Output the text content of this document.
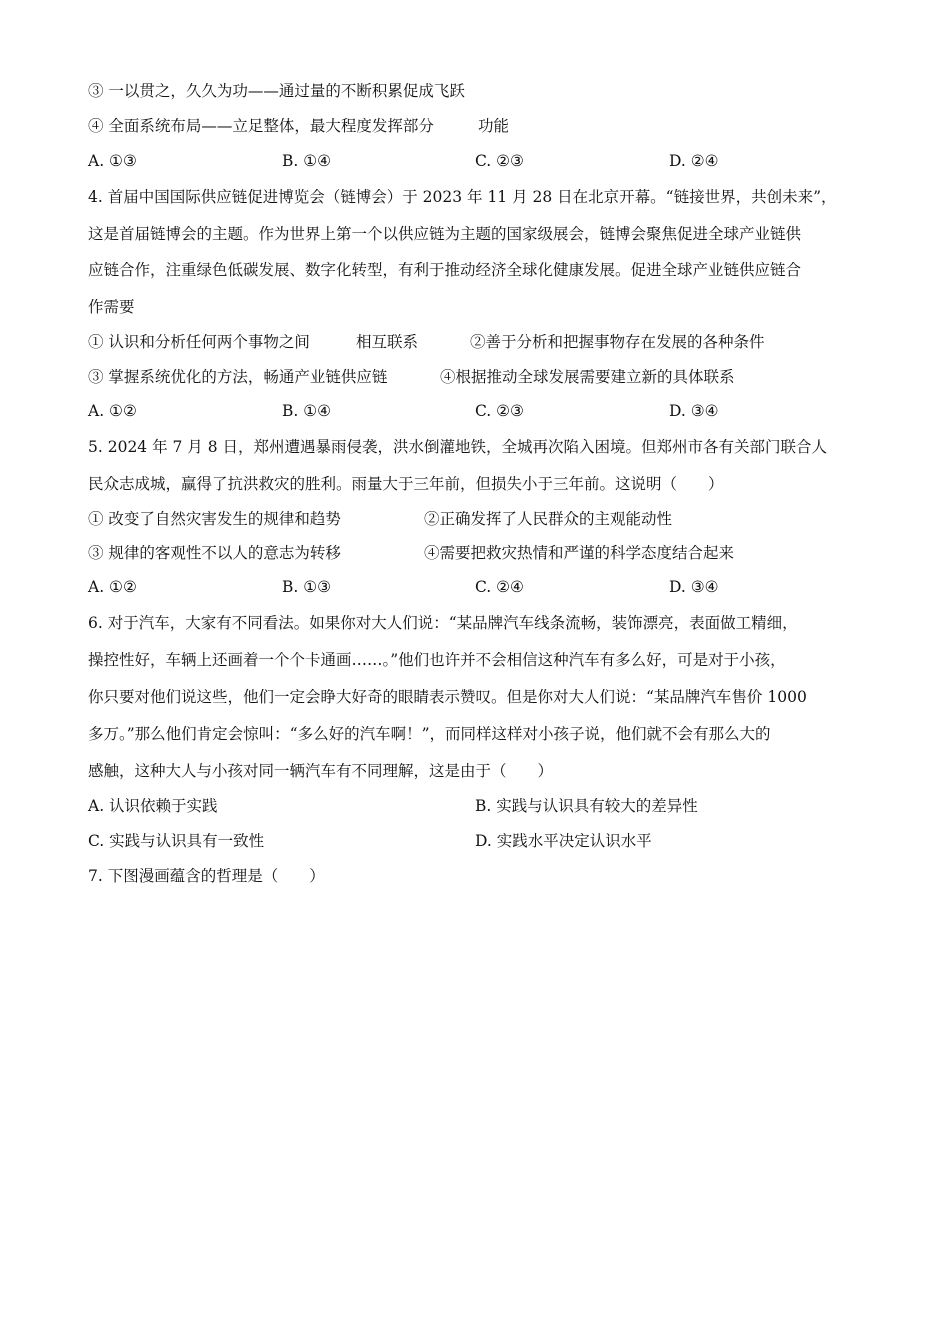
③ 一以贯之，久久为功——通过量的不断积累促成飞跃
④ 全面系统布局——立足整体，最大程度发挥部分	功能
A. ①③	B. ①④	C. ②③	D. ②④
4. 首届中国国际供应链促进博览会（链博会）于 2023 年 11 月 28 日在北京开幕。“链接世界，共创未来”，
这是首届链博会的主题。作为世界上第一个以供应链为主题的国家级展会，链博会聚焦促进全球产业链供
应链合作，注重绿色低碳发展、数字化转型，有利于推动经济全球化健康发展。促进全球产业链供应链合
作需要
① 认识和分析任何两个事物之间	相互联系	②善于分析和把握事物存在发展的各种条件
③ 掌握系统优化的方法，畅通产业链供应链	④根据推动全球发展需要建立新的具体联系
A. ①②	B. ①④	C. ②③	D. ③④
5. 2024 年 7 月 8 日，郑州遭遇暴雨侵袭，洪水倒灌地铁，全城再次陷入困境。但郑州市各有关部门联合人
民众志成城，赢得了抗洪救灾的胜利。雨量大于三年前，但损失小于三年前。这说明（　　）
① 改变了自然灾害发生的规律和趋势	②正确发挥了人民群众的主观能动性
③ 规律的客观性不以人的意志为转移	④需要把救灾热情和严谨的科学态度结合起来
A. ①②	B. ①③	C. ②④	D. ③④
6. 对于汽车，大家有不同看法。如果你对大人们说：“某品牌汽车线条流畅，装饰漂亮，表面做工精细，
操控性好，车辆上还画着一个个卡通画……。”他们也许并不会相信这种汽车有多么好，可是对于小孩，
你只要对他们说这些，他们一定会睁大好奇的眼睛表示赞叹。但是你对大人们说：“某品牌汽车售价 1000
多万。”那么他们肯定会惊叫：“多么好的汽车啊！”，而同样这样对小孩子说，他们就不会有那么大的
感触，这种大人与小孩对同一辆汽车有不同理解，这是由于（　　）
A. 认识依赖于实践	B. 实践与认识具有较大的差异性
C. 实践与认识具有一致性	D. 实践水平决定认识水平
7. 下图漫画蕴含的哲理是（　　）
